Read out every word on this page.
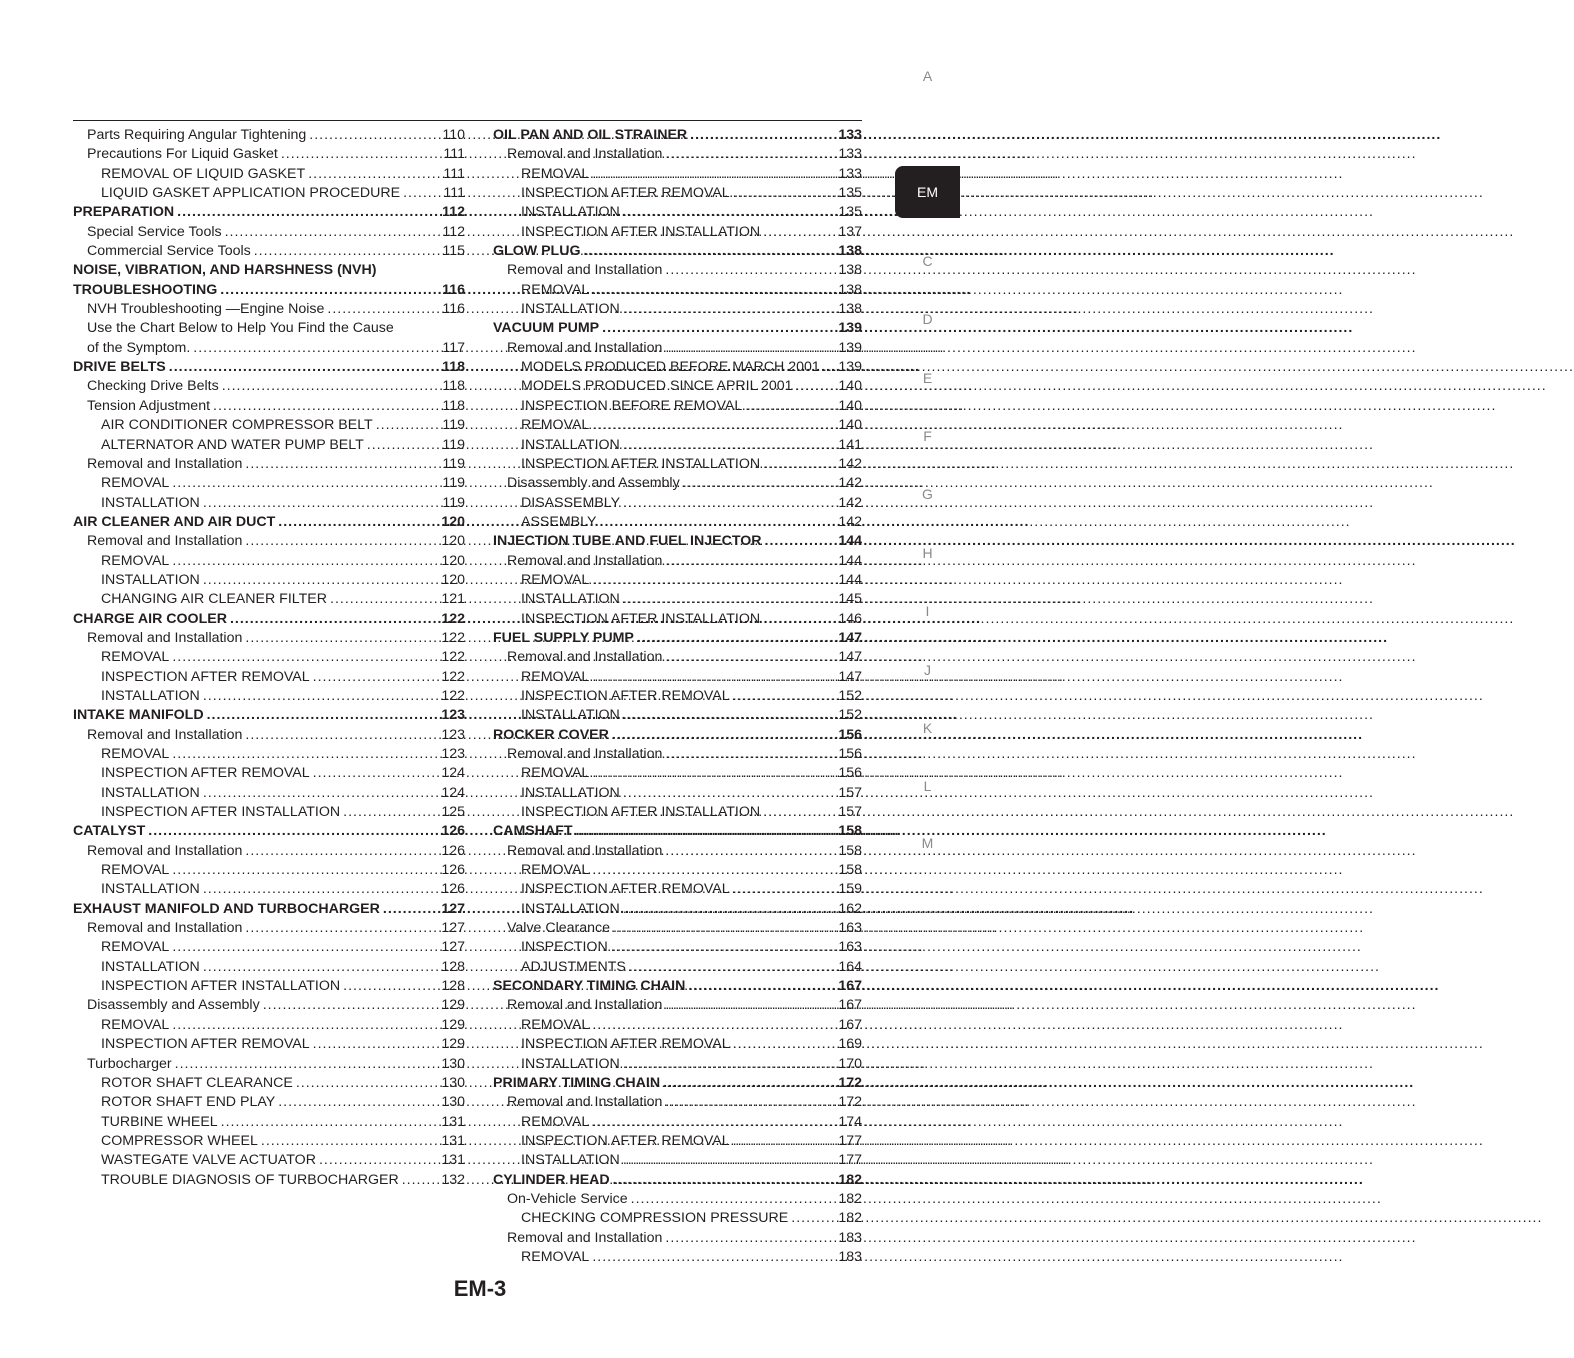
Parts Requiring Angular Tightening .....	110
Precautions For Liquid Gasket .....	111
REMOVAL OF LIQUID GASKET .....	111
LIQUID GASKET APPLICATION PROCEDURE .....	111
PREPARATION .....	112
Special Service Tools .....	112
Commercial Service Tools .....	115
NOISE, VIBRATION, AND HARSHNESS (NVH)
TROUBLESHOOTING .....	116
NVH Troubleshooting —Engine Noise .....	116
Use the Chart Below to Help You Find the Cause
of the Symptom. .....	117
DRIVE BELTS .....	118
Checking Drive Belts .....	118
Tension Adjustment .....	118
AIR CONDITIONER COMPRESSOR BELT .....	119
ALTERNATOR AND WATER PUMP BELT .....	119
Removal and Installation .....	119
REMOVAL .....	119
INSTALLATION .....	119
AIR CLEANER AND AIR DUCT .....	120
Removal and Installation .....	120
REMOVAL .....	120
INSTALLATION .....	120
CHANGING AIR CLEANER FILTER .....	121
CHARGE AIR COOLER .....	122
Removal and Installation .....	122
REMOVAL .....	122
INSPECTION AFTER REMOVAL .....	122
INSTALLATION .....	122
INTAKE MANIFOLD .....	123
Removal and Installation .....	123
REMOVAL .....	123
INSPECTION AFTER REMOVAL .....	124
INSTALLATION .....	124
INSPECTION AFTER INSTALLATION .....	125
CATALYST .....	126
Removal and Installation .....	126
REMOVAL .....	126
INSTALLATION .....	126
EXHAUST MANIFOLD AND TURBOCHARGER .....	127
Removal and Installation .....	127
REMOVAL .....	127
INSTALLATION .....	128
INSPECTION AFTER INSTALLATION .....	128
Disassembly and Assembly .....	129
REMOVAL .....	129
INSPECTION AFTER REMOVAL .....	129
Turbocharger .....	130
ROTOR SHAFT CLEARANCE .....	130
ROTOR SHAFT END PLAY .....	130
TURBINE WHEEL .....	131
COMPRESSOR WHEEL .....	131
WASTEGATE VALVE ACTUATOR .....	131
TROUBLE DIAGNOSIS OF TURBOCHARGER .....	132
OIL PAN AND OIL STRAINER .....	133
Removal and Installation .....	133
REMOVAL .....	133
INSPECTION AFTER REMOVAL .....	135
INSTALLATION .....	135
INSPECTION AFTER INSTALLATION .....	137
GLOW PLUG .....	138
Removal and Installation .....	138
REMOVAL .....	138
INSTALLATION .....	138
VACUUM PUMP .....	139
Removal and Installation .....	139
MODELS PRODUCED BEFORE MARCH 2001 ..... 139
MODELS PRODUCED SINCE APRIL 2001 .....	140
INSPECTION BEFORE REMOVAL .....	140
REMOVAL .....	140
INSTALLATION .....	141
INSPECTION AFTER INSTALLATION .....	142
Disassembly and Assembly .....	142
DISASSEMBLY .....	142
ASSEMBLY .....	142
INJECTION TUBE AND FUEL INJECTOR .....	144
Removal and Installation .....	144
REMOVAL .....	144
INSTALLATION .....	145
INSPECTION AFTER INSTALLATION .....	146
FUEL SUPPLY PUMP .....	147
Removal and Installation .....	147
REMOVAL .....	147
INSPECTION AFTER REMOVAL .....	152
INSTALLATION .....	152
ROCKER COVER .....	156
Removal and Installation .....	156
REMOVAL .....	156
INSTALLATION .....	157
INSPECTION AFTER INSTALLATION .....	157
CAMSHAFT .....	158
Removal and Installation .....	158
REMOVAL .....	158
INSPECTION AFTER REMOVAL .....	159
INSTALLATION .....	162
Valve Clearance .....	163
INSPECTION .....	163
ADJUSTMENTS .....	164
SECONDARY TIMING CHAIN .....	167
Removal and Installation .....	167
REMOVAL .....	167
INSPECTION AFTER REMOVAL .....	169
INSTALLATION .....	170
PRIMARY TIMING CHAIN .....	172
Removal and Installation .....	172
REMOVAL .....	174
INSPECTION AFTER REMOVAL .....	177
INSTALLATION .....	177
CYLINDER HEAD .....	182
On-Vehicle Service .....	182
CHECKING COMPRESSION PRESSURE .....	182
Removal and Installation .....	183
REMOVAL .....	183
A
EM
C
D
E
F
G
H
I
J
K
L
M
EM-3
